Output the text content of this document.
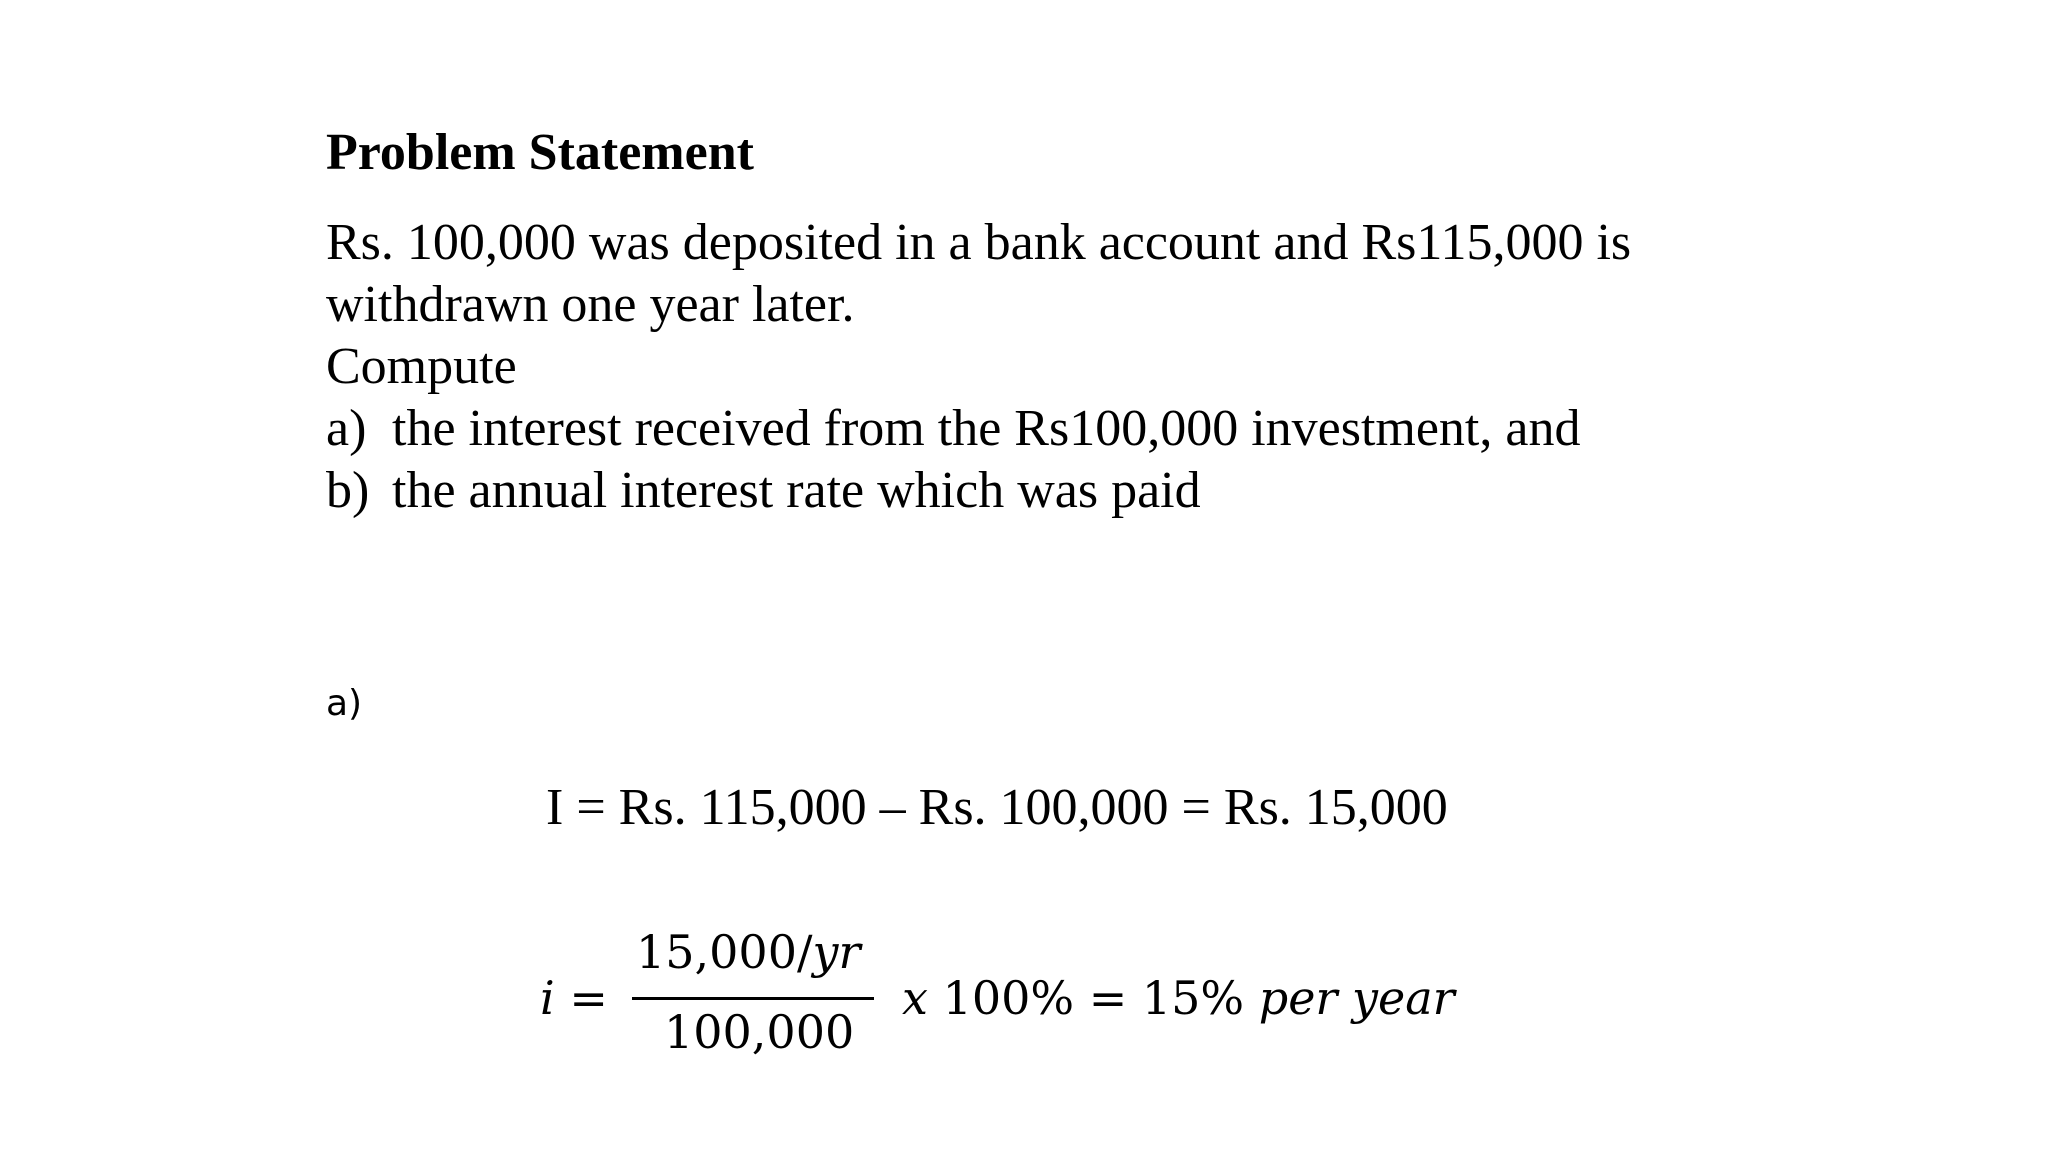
Problem Statement
Rs. 100,000 was deposited in a bank account and Rs115,000 is
withdrawn one year later.
Compute
a) the interest received from the Rs100,000 investment, and
b) the annual interest rate which was paid
a)
I = Rs. 115,000 – Rs. 100,000 = Rs. 15,000
i =
15,000/yr
100,000
x 100% = 15% per year
